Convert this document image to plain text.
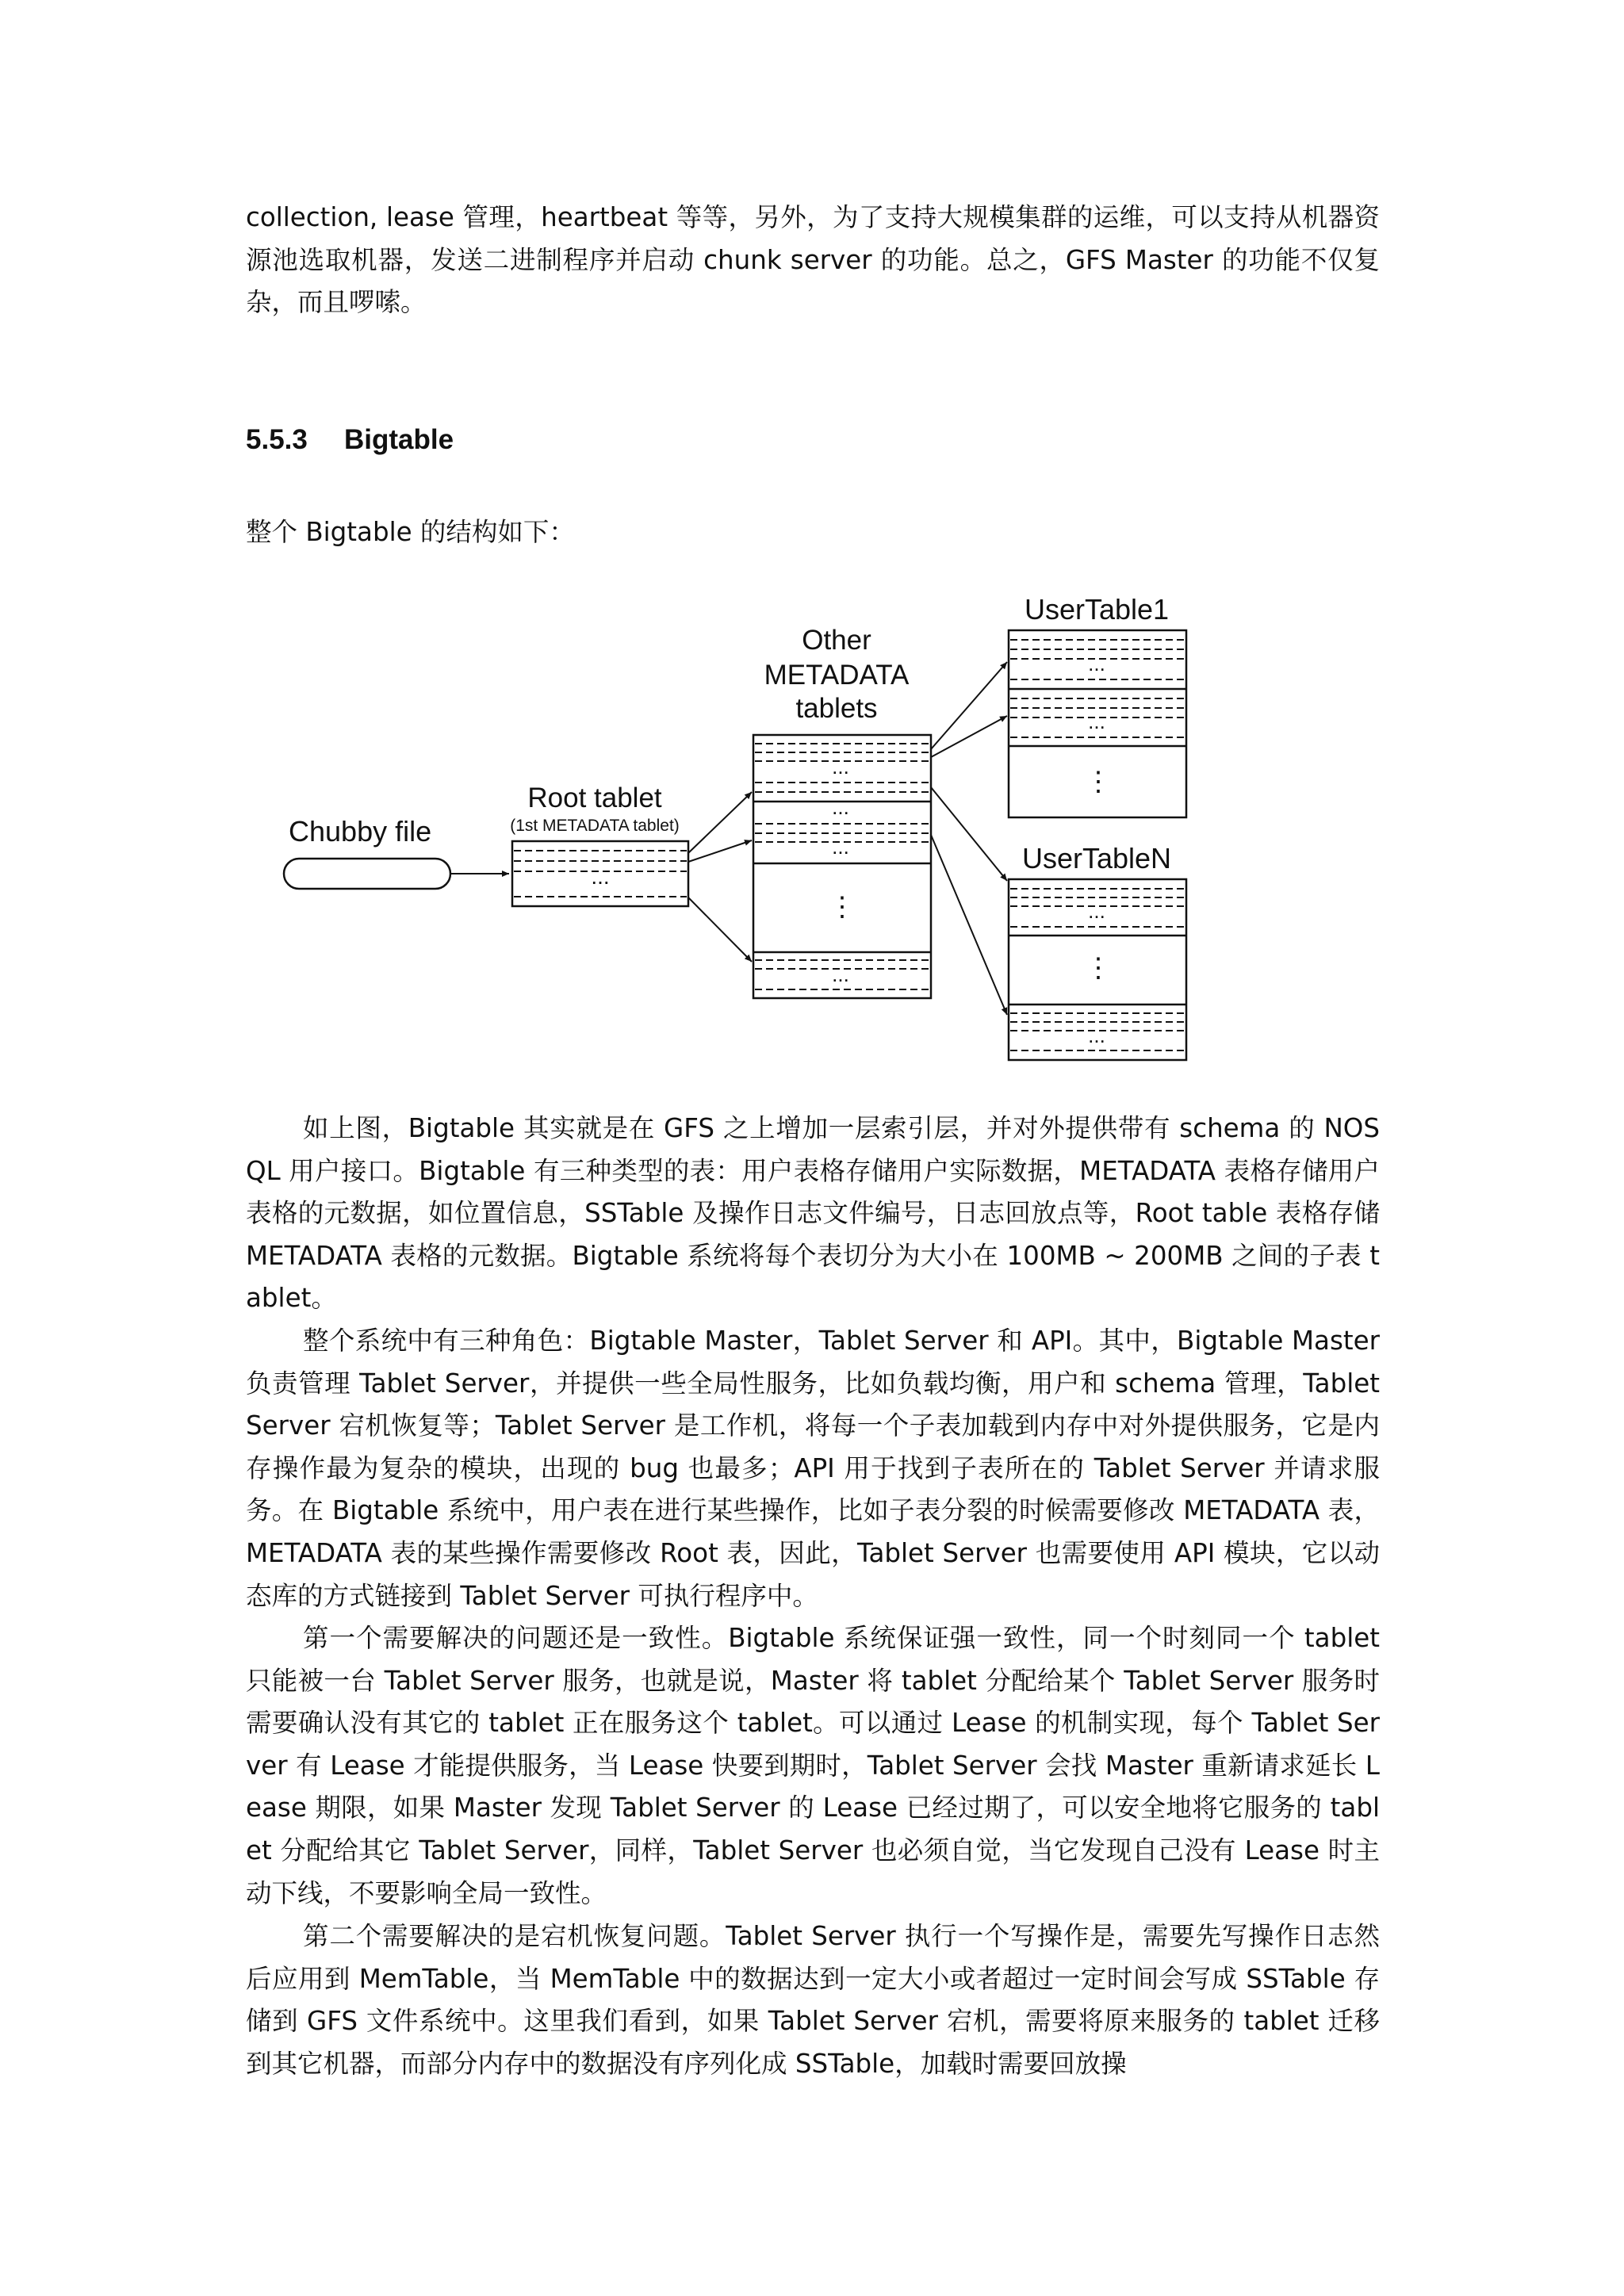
collection, lease 管理，heartbeat 等等，另外，为了支持大规模集群的运维，可以支持从机器资源池选取机器，发送二进制程序并启动 chunk server 的功能。总之，GFS Master 的功能不仅复杂，而且啰嗦。

5.5.3 Bigtable

整个 Bigtable 的结构如下：

Chubby file
Root tablet
(1st METADATA tablet)
...
Other
METADATA
tablets
...
...
...
⋮
...
UserTable1
...
...
⋮
UserTableN
...
⋮
...

如上图，Bigtable 其实就是在 GFS 之上增加一层索引层，并对外提供带有 schema 的 NOSQL 用户接口。Bigtable 有三种类型的表：用户表格存储用户实际数据，METADATA 表格存储用户表格的元数据，如位置信息，SSTable 及操作日志文件编号，日志回放点等，Root table 表格存储 METADATA 表格的元数据。Bigtable 系统将每个表切分为大小在 100MB ~ 200MB 之间的子表 tablet。

整个系统中有三种角色：Bigtable Master，Tablet Server 和 API。其中，Bigtable Master 负责管理 Tablet Server，并提供一些全局性服务，比如负载均衡，用户和 schema 管理，Tablet Server 宕机恢复等；Tablet Server 是工作机，将每一个子表加载到内存中对外提供服务，它是内存操作最为复杂的模块，出现的 bug 也最多；API 用于找到子表所在的 Tablet Server 并请求服务。在 Bigtable 系统中，用户表在进行某些操作，比如子表分裂的时候需要修改 METADATA 表，METADATA 表的某些操作需要修改 Root 表，因此，Tablet Server 也需要使用 API 模块，它以动态库的方式链接到 Tablet Server 可执行程序中。

第一个需要解决的问题还是一致性。Bigtable 系统保证强一致性，同一个时刻同一个 tablet 只能被一台 Tablet Server 服务，也就是说，Master 将 tablet 分配给某个 Tablet Server 服务时需要确认没有其它的 tablet 正在服务这个 tablet。可以通过 Lease 的机制实现，每个 Tablet Server 有 Lease 才能提供服务，当 Lease 快要到期时，Tablet Server 会找 Master 重新请求延长 Lease 期限，如果 Master 发现 Tablet Server 的 Lease 已经过期了，可以安全地将它服务的 tablet 分配给其它 Tablet Server，同样，Tablet Server 也必须自觉，当它发现自己没有 Lease 时主动下线，不要影响全局一致性。

第二个需要解决的是宕机恢复问题。Tablet Server 执行一个写操作是，需要先写操作日志然后应用到 MemTable，当 MemTable 中的数据达到一定大小或者超过一定时间会写成 SSTable 存储到 GFS 文件系统中。这里我们看到，如果 Tablet Server 宕机，需要将原来服务的 tablet 迁移到其它机器，而部分内存中的数据没有序列化成 SSTable，加载时需要回放操
